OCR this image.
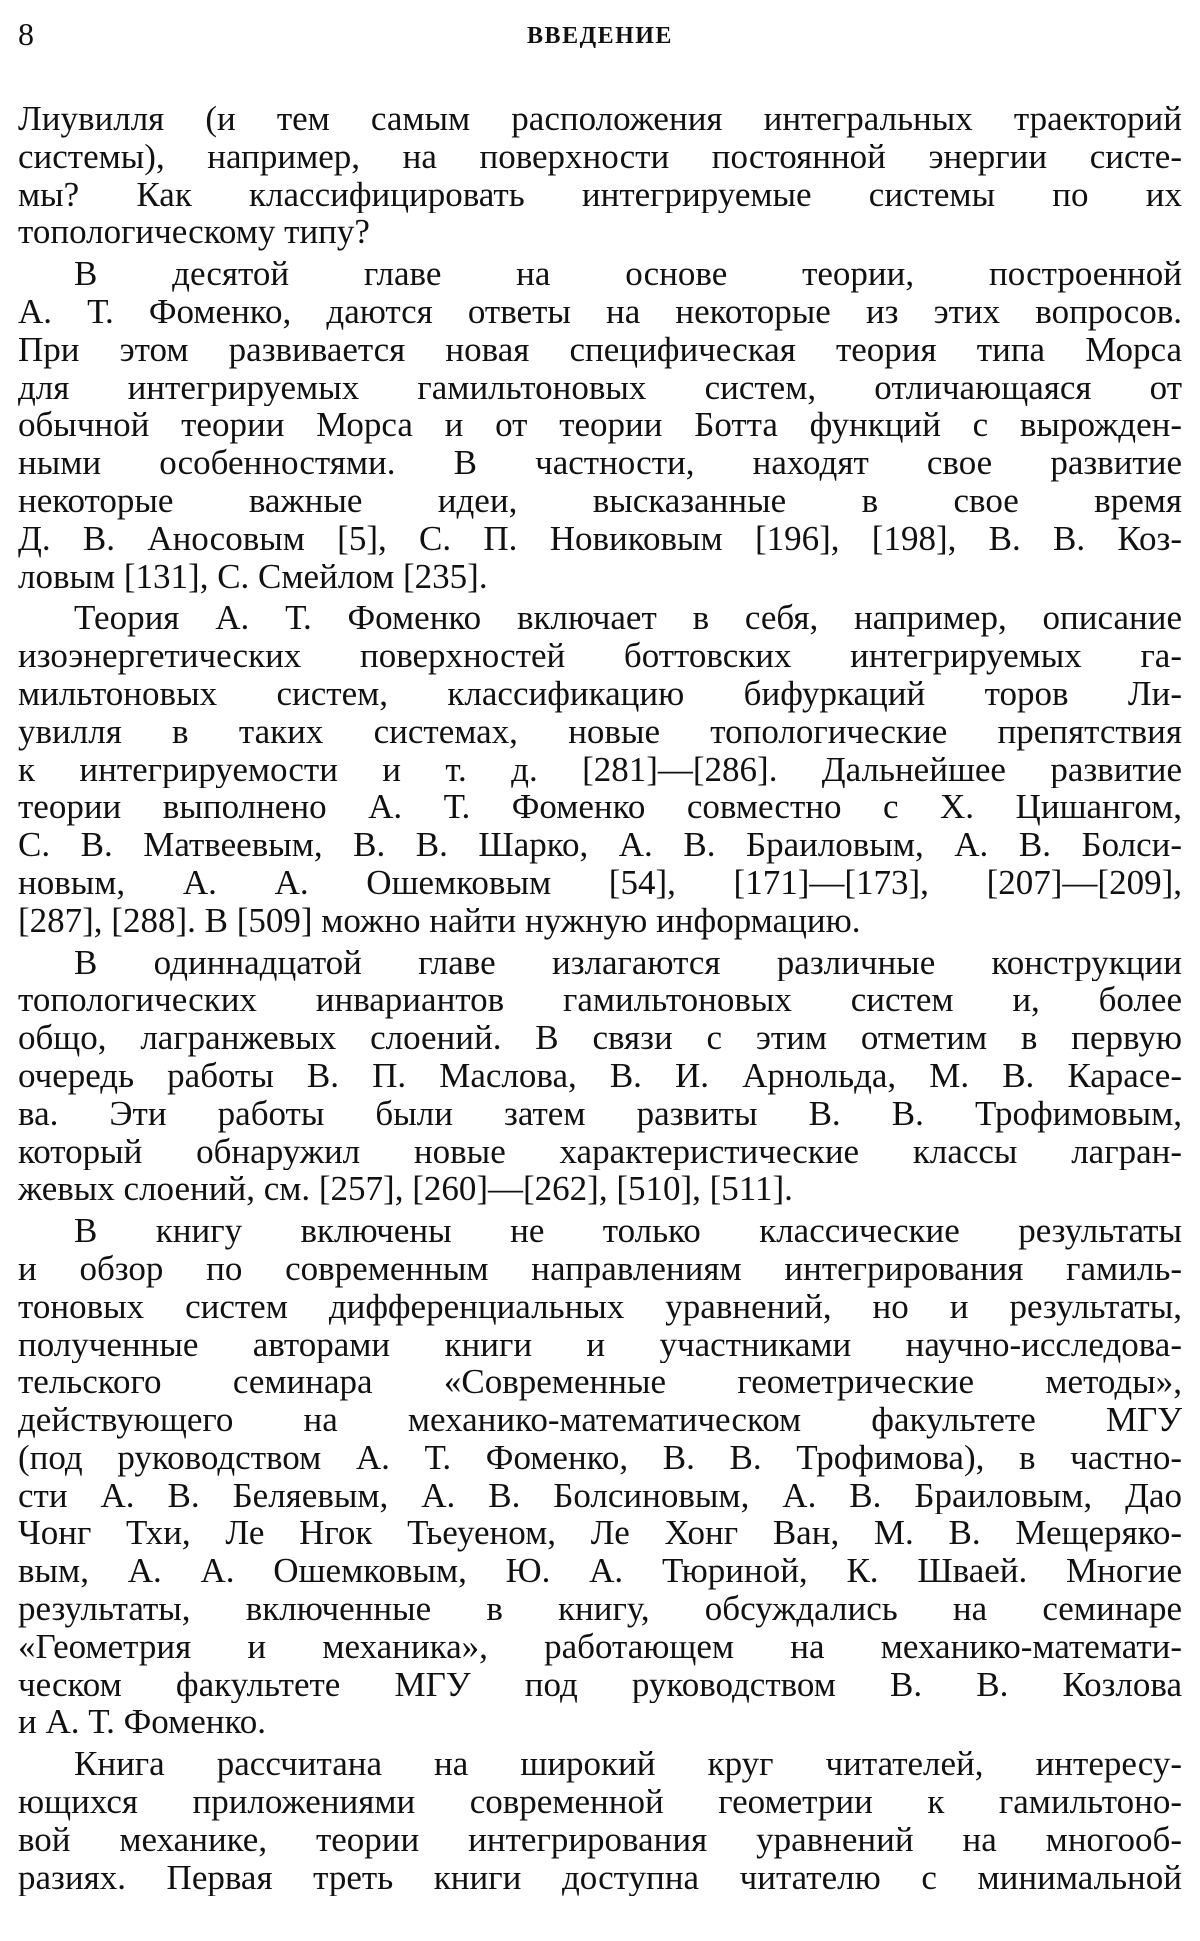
8	ВВЕДЕНИЕ
Лиувилля (и тем самым расположения интегральных траекторий
системы), например, на поверхности постоянной энергии систе-
мы? Как классифицировать интегрируемые системы по их
топологическому типу?
В десятой главе на основе теории, построенной
А. Т. Фоменко, даются ответы на некоторые из этих вопросов.
При этом развивается новая специфическая теория типа Морса
для интегрируемых гамильтоновых систем, отличающаяся от
обычной теории Морса и от теории Ботта функций с вырожден-
ными особенностями. В частности, находят свое развитие
некоторые важные идеи, высказанные в свое время
Д. В. Аносовым [5], С. П. Новиковым [196], [198], В. В. Коз-
ловым [131], С. Смейлом [235].
Теория А. Т. Фоменко включает в себя, например, описание
изоэнергетических поверхностей боттовских интегрируемых га-
мильтоновых систем, классификацию бифуркаций торов Ли-
увилля в таких системах, новые топологические препятствия
к интегрируемости и т. д. [281]—[286]. Дальнейшее развитие
теории выполнено А. Т. Фоменко совместно с Х. Цишангом,
С. В. Матвеевым, В. В. Шарко, А. В. Браиловым, А. В. Болси-
новым, А. А. Ошемковым [54], [171]—[173], [207]—[209],
[287], [288]. В [509] можно найти нужную информацию.
В одиннадцатой главе излагаются различные конструкции
топологических инвариантов гамильтоновых систем и, более
общо, лагранжевых слоений. В связи с этим отметим в первую
очередь работы В. П. Маслова, В. И. Арнольда, М. В. Карасе-
ва. Эти работы были затем развиты В. В. Трофимовым,
который обнаружил новые характеристические классы лагран-
жевых слоений, см. [257], [260]—[262], [510], [511].
В книгу включены не только классические результаты
и обзор по современным направлениям интегрирования гамиль-
тоновых систем дифференциальных уравнений, но и результаты,
полученные авторами книги и участниками научно-исследова-
тельского семинара «Современные геометрические методы»,
действующего на механико-математическом факультете МГУ
(под руководством А. Т. Фоменко, В. В. Трофимова), в частно-
сти А. В. Беляевым, А. В. Болсиновым, А. В. Браиловым, Дао
Чонг Тхи, Ле Нгок Тьеуеном, Ле Хонг Ван, М. В. Мещеряко-
вым, А. А. Ошемковым, Ю. А. Тюриной, К. Шваей. Многие
результаты, включенные в книгу, обсуждались на семинаре
«Геометрия и механика», работающем на механико-математи-
ческом факультете МГУ под руководством В. В. Козлова
и А. Т. Фоменко.
Книга рассчитана на широкий круг читателей, интересу-
ющихся приложениями современной геометрии к гамильтоно-
вой механике, теории интегрирования уравнений на многооб-
разиях. Первая треть книги доступна читателю с минимальной
